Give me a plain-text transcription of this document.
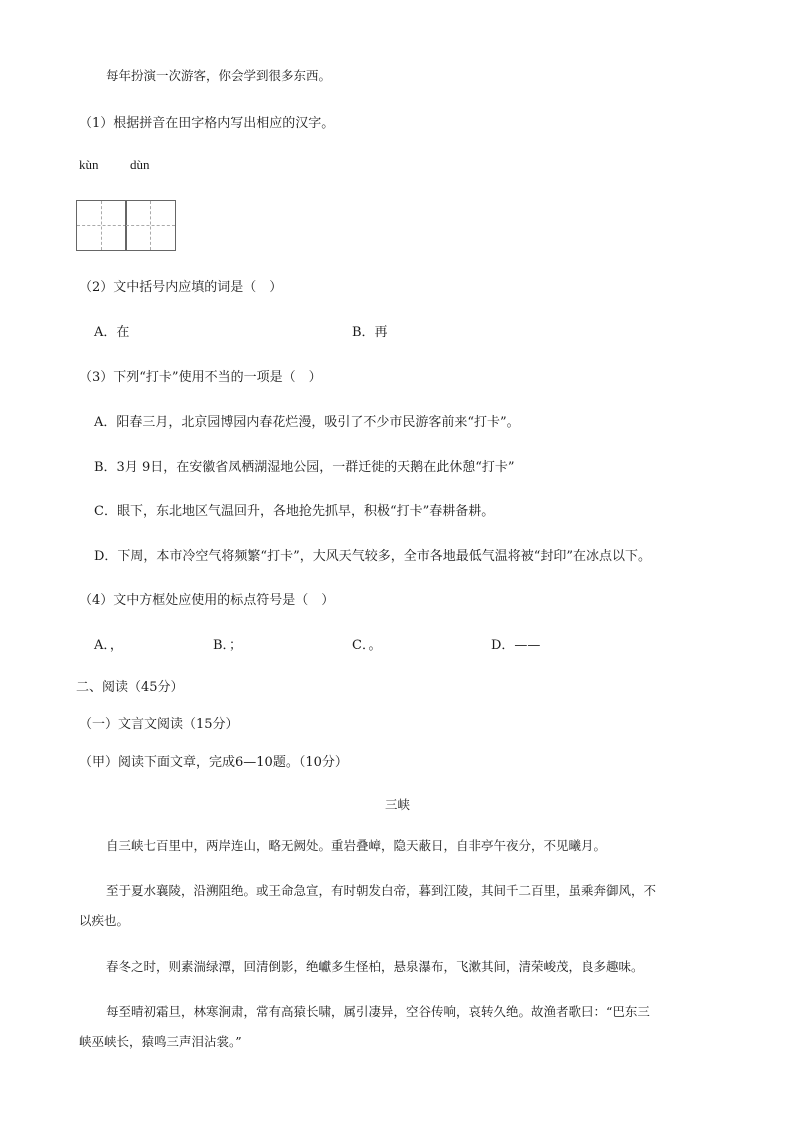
每年扮演一次游客，你会学到很多东西。
（1）根据拼音在田字格内写出相应的汉字。
kùn dùn
（2）文中括号内应填的词是（　）
A．在	B．再
（3）下列“打卡”使用不当的一项是（　）
A．阳春三月，北京园博园内春花烂漫，吸引了不少市民游客前来“打卡”。
B．3月 9日，在安徽省凤栖湖湿地公园，一群迁徙的天鹅在此休憩“打卡”
C．眼下，东北地区气温回升，各地抢先抓早，积极“打卡”春耕备耕。
D．下周，本市冷空气将频繁“打卡”，大风天气较多，全市各地最低气温将被“封印”在冰点以下。
（4）文中方框处应使用的标点符号是（　）
A．，	B．；	C．。	D．——
二、阅读（45分）
（一）文言文阅读（15分）
（甲）阅读下面文章，完成6—10题。（10分）
三峡
自三峡七百里中，两岸连山，略无阙处。重岩叠嶂，隐天蔽日，自非亭午夜分，不见曦月。
至于夏水襄陵，沿溯阻绝。或王命急宣，有时朝发白帝，暮到江陵，其间千二百里，虽乘奔御风，不
以疾也。
春冬之时，则素湍绿潭，回清倒影，绝巘多生怪柏，悬泉瀑布，飞漱其间，清荣峻茂，良多趣味。
每至晴初霜旦，林寒涧肃，常有高猿长啸，属引凄异，空谷传响，哀转久绝。故渔者歌曰：“巴东三
峡巫峡长，猿鸣三声泪沾裳。”
